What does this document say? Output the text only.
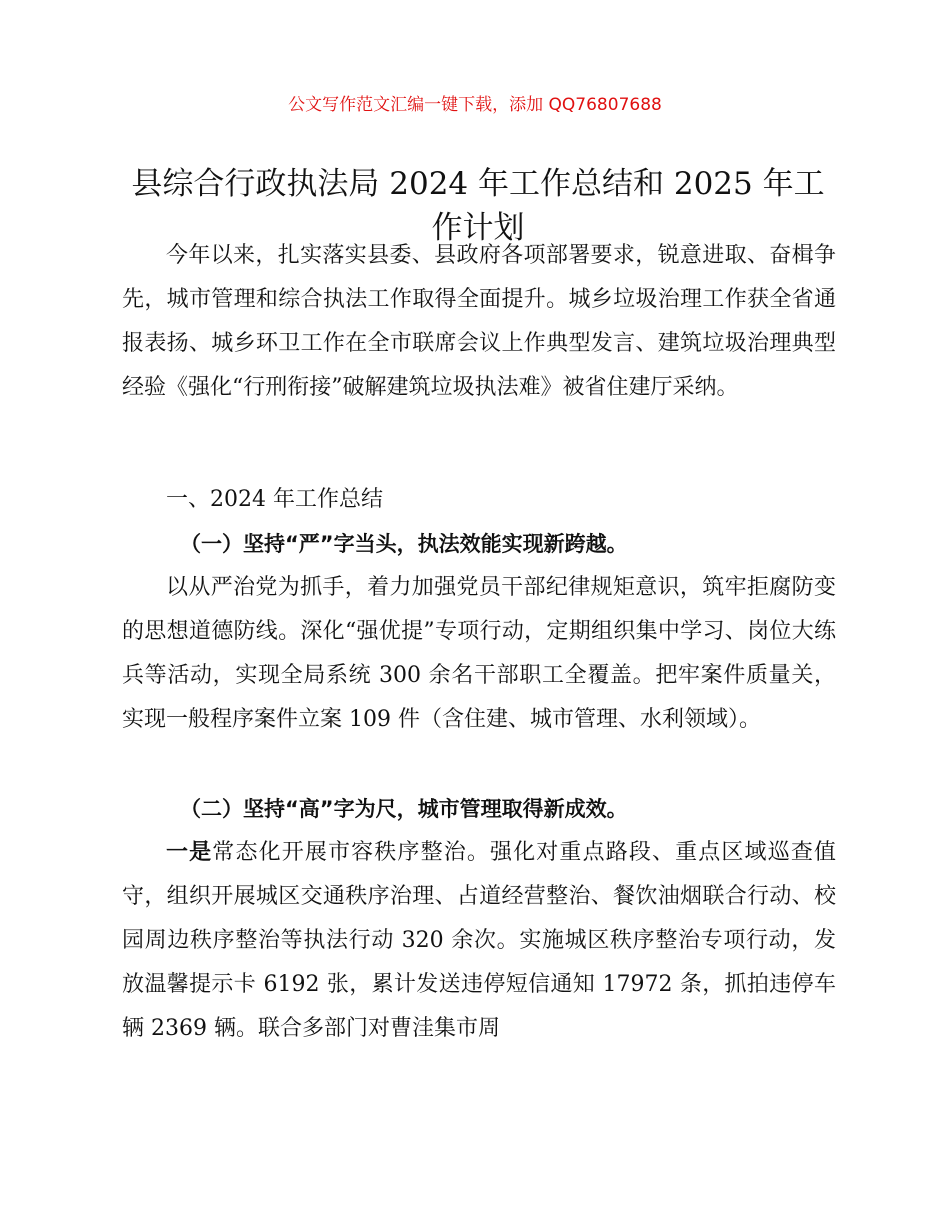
公文写作范文汇编一键下载，添加 QQ76807688
县综合行政执法局 2024 年工作总结和 2025 年工作计划

今年以来，扎实落实县委、县政府各项部署要求，锐意进取、奋楫争先，城市管理和综合执法工作取得全面提升。城乡垃圾治理工作获全省通报表扬、城乡环卫工作在全市联席会议上作典型发言、建筑垃圾治理典型经验《强化“行刑衔接”破解建筑垃圾执法难》被省住建厅采纳。

一、2024 年工作总结

（一）坚持“严”字当头，执法效能实现新跨越。

以从严治党为抓手，着力加强党员干部纪律规矩意识，筑牢拒腐防变的思想道德防线。深化“强优提”专项行动，定期组织集中学习、岗位大练兵等活动，实现全局系统 300 余名干部职工全覆盖。把牢案件质量关，实现一般程序案件立案 109 件（含住建、城市管理、水利领域）。

（二）坚持“高”字为尺，城市管理取得新成效。

一是常态化开展市容秩序整治。强化对重点路段、重点区域巡查值守，组织开展城区交通秩序治理、占道经营整治、餐饮油烟联合行动、校园周边秩序整治等执法行动 320 余次。实施城区秩序整治专项行动，发放温馨提示卡 6192 张，累计发送违停短信通知 17972 条，抓拍违停车辆 2369 辆。联合多部门对曹洼集市周
